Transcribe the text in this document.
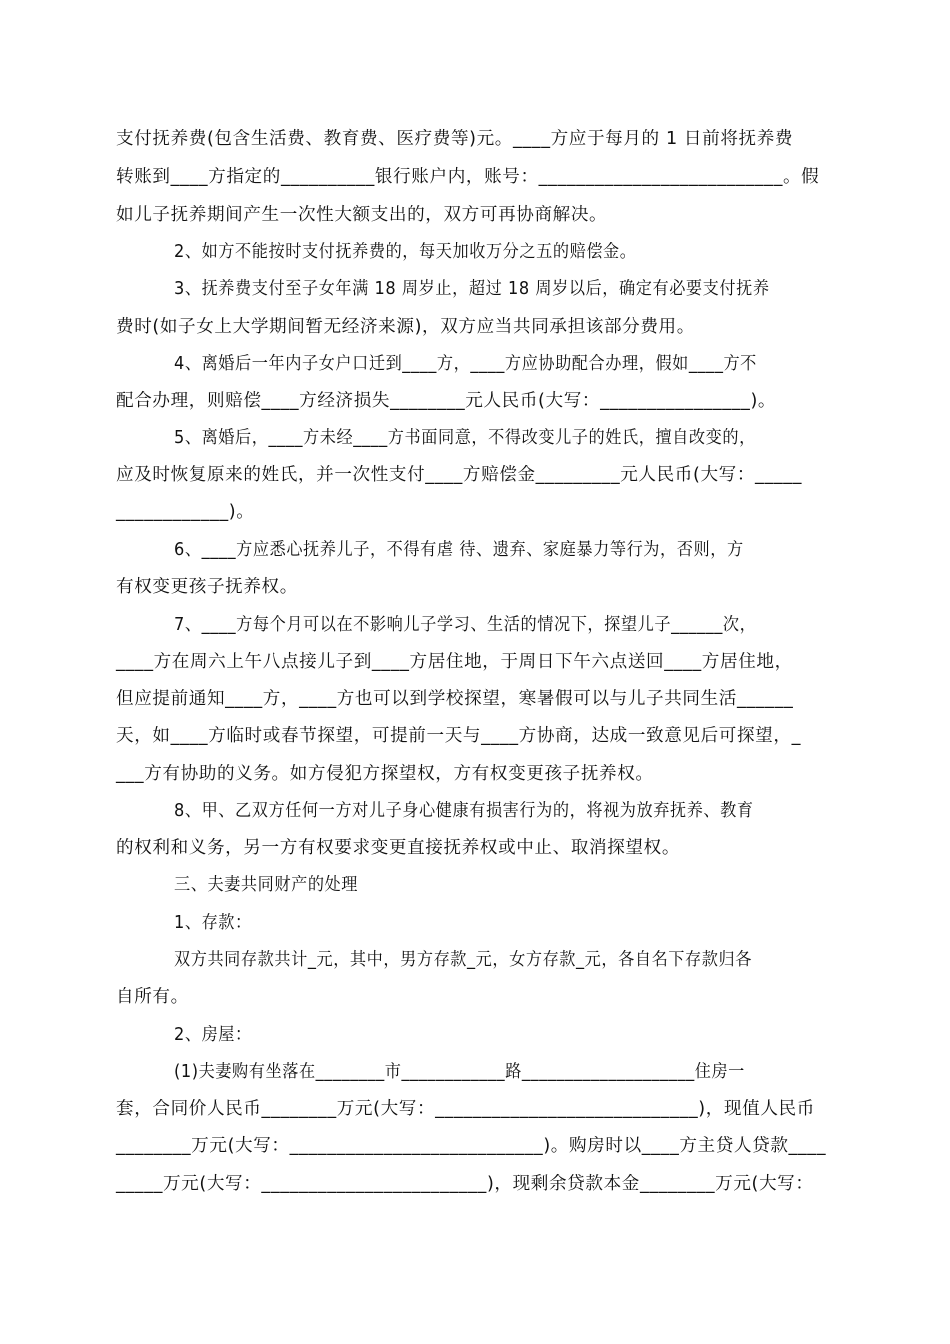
支付抚养费(包含生活费、教育费、医疗费等)元。____方应于每月的 1 日前将抚养费
转账到____方指定的__________银行账户内，账号：__________________________。假
如儿子抚养期间产生一次性大额支出的，双方可再协商解决。
2、如方不能按时支付抚养费的，每天加收万分之五的赔偿金。
3、抚养费支付至子女年满 18 周岁止，超过 18 周岁以后，确定有必要支付抚养
费时(如子女上大学期间暂无经济来源)，双方应当共同承担该部分费用。
4、离婚后一年内子女户口迁到____方，____方应协助配合办理，假如____方不
配合办理，则赔偿____方经济损失________元人民币(大写：________________)。
5、离婚后，____方未经____方书面同意，不得改变儿子的姓氏，擅自改变的，
应及时恢复原来的姓氏，并一次性支付____方赔偿金_________元人民币(大写：_____
____________)。
6、____方应悉心抚养儿子，不得有虐 待、遗弃、家庭暴力等行为，否则，方
有权变更孩子抚养权。
7、____方每个月可以在不影响儿子学习、生活的情况下，探望儿子______次，
____方在周六上午八点接儿子到____方居住地，于周日下午六点送回____方居住地，
但应提前通知____方，____方也可以到学校探望，寒暑假可以与儿子共同生活______
天，如____方临时或春节探望，可提前一天与____方协商，达成一致意见后可探望，_
___方有协助的义务。如方侵犯方探望权，方有权变更孩子抚养权。
8、甲、乙双方任何一方对儿子身心健康有损害行为的，将视为放弃抚养、教育
的权利和义务，另一方有权要求变更直接抚养权或中止、取消探望权。
三、夫妻共同财产的处理
1、存款：
双方共同存款共计_元，其中，男方存款_元，女方存款_元，各自名下存款归各
自所有。
2、房屋：
(1)夫妻购有坐落在________市____________路____________________住房一
套，合同价人民币________万元(大写：____________________________)，现值人民币
________万元(大写：___________________________)。购房时以____方主贷人贷款____
_____万元(大写：________________________)，现剩余贷款本金________万元(大写：
